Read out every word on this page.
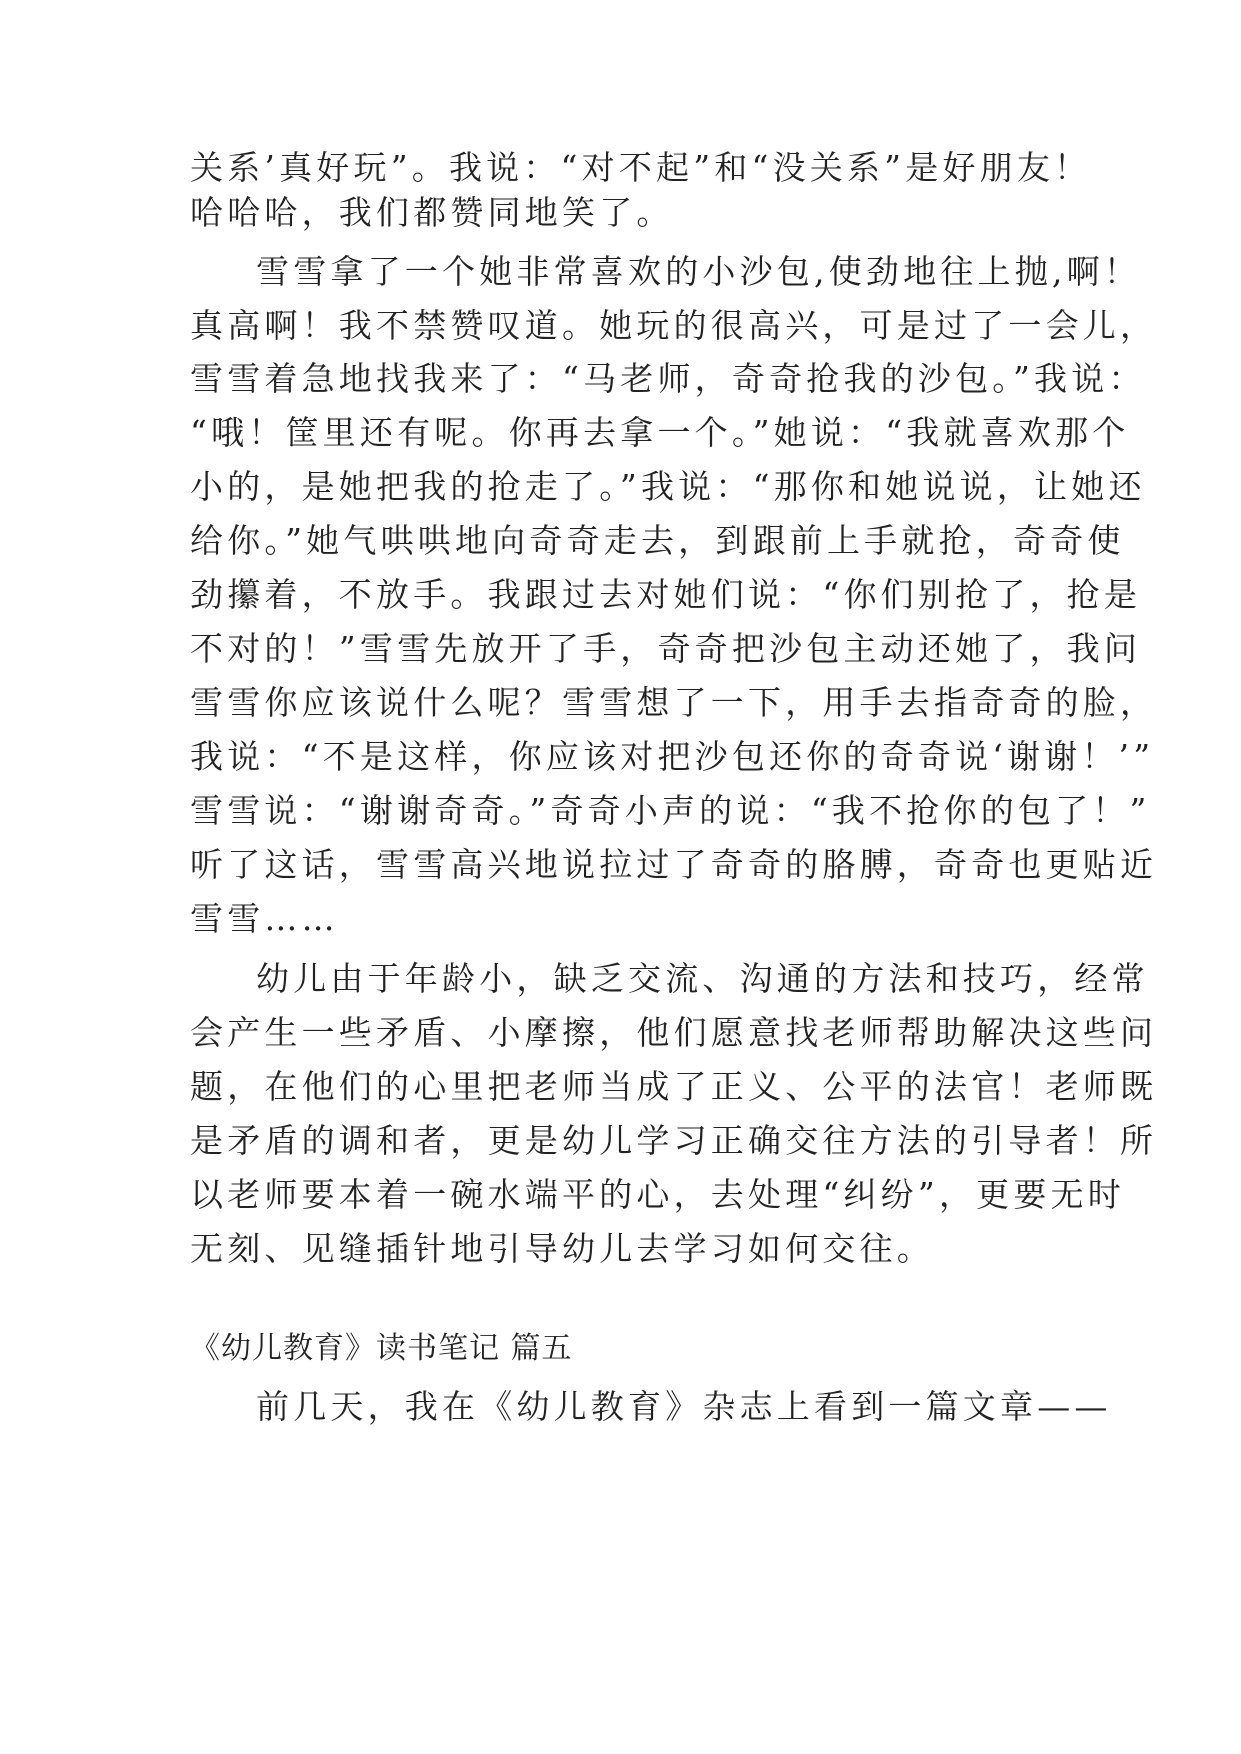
关系’真好玩”。我说：“对不起”和“没关系”是好朋友！
哈哈哈，我们都赞同地笑了。
雪雪拿了一个她非常喜欢的小沙包,使劲地往上抛,啊！
真高啊！我不禁赞叹道。她玩的很高兴，可是过了一会儿，
雪雪着急地找我来了：“马老师，奇奇抢我的沙包。”我说：
“哦！筐里还有呢。你再去拿一个。”她说：“我就喜欢那个
小的，是她把我的抢走了。”我说：“那你和她说说，让她还
给你。”她气哄哄地向奇奇走去，到跟前上手就抢，奇奇使
劲攥着，不放手。我跟过去对她们说：“你们别抢了，抢是
不对的！”雪雪先放开了手，奇奇把沙包主动还她了，我问
雪雪你应该说什么呢？雪雪想了一下，用手去指奇奇的脸，
我说：“不是这样，你应该对把沙包还你的奇奇说‘谢谢！’”
雪雪说：“谢谢奇奇。”奇奇小声的说：“我不抢你的包了！”
听了这话，雪雪高兴地说拉过了奇奇的胳膊，奇奇也更贴近
雪雪……
幼儿由于年龄小，缺乏交流、沟通的方法和技巧，经常
会产生一些矛盾、小摩擦，他们愿意找老师帮助解决这些问
题，在他们的心里把老师当成了正义、公平的法官！老师既
是矛盾的调和者，更是幼儿学习正确交往方法的引导者！所
以老师要本着一碗水端平的心，去处理“纠纷”，更要无时
无刻、见缝插针地引导幼儿去学习如何交往。
《幼儿教育》读书笔记 篇五
前几天，我在《幼儿教育》杂志上看到一篇文章——
